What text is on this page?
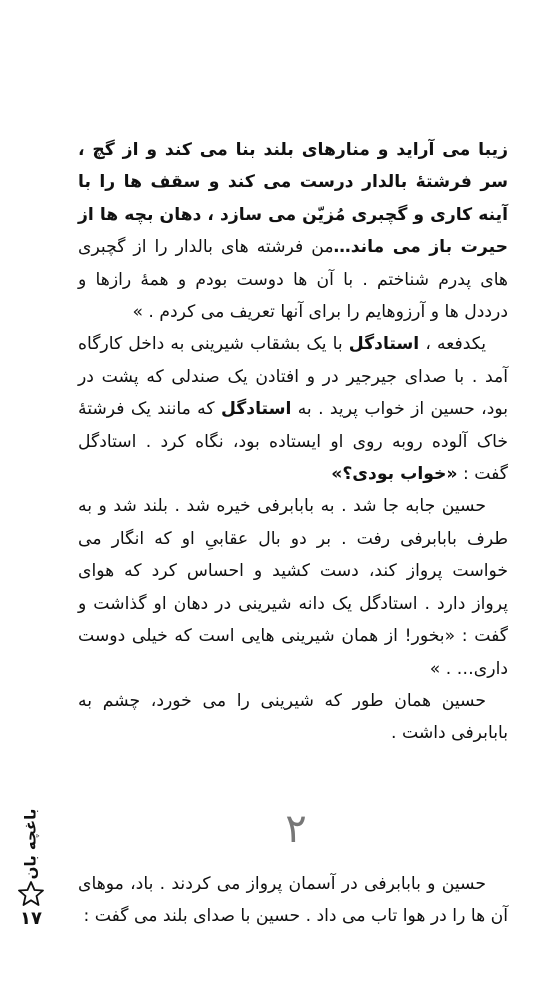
زیبا می آراید و منارهای بلند بنا می کند و از گچ ، سر فرشتهٔ بالدار درست می کند و سقف ها را با آینه کاری و گچبری مُزیّن می سازد ، دهان بچه ها از حیرت باز می ماند…من فرشته های بالدار را از گچبری های پدرم شناختم . با آن ها دوست بودم و همهٔ رازها و درددل ها و آرزوهایم را برای آنها تعریف می کردم . »

یکدفعه ، استادگل با یک بشقاب شیرینی به داخل کارگاه آمد . با صدای جیرجیر در و افتادن یک صندلی که پشت در بود، حسین از خواب پرید . به استادگل که مانند یک فرشتهٔ خاک آلوده روبه روی او ایستاده بود، نگاه کرد . استادگل گفت : «خواب بودی؟»

حسین جابه جا شد . به بابابرفی خیره شد . بلند شد و به طرف بابابرفی رفت . بر دو بال عقابیِ او که انگار می خواست پرواز کند، دست کشید و احساس کرد که هوای پرواز دارد . استادگل یک دانه شیرینی در دهان او گذاشت و گفت : «بخور! از همان شیرینی هایی است که خیلی دوست داری… . »

حسین همان طور که شیرینی را می خورد، چشم به بابابرفی داشت .

۲

حسین و بابابرفی در آسمان پرواز می کردند . باد، موهای آن ها را در هوا تاب می داد . حسین با صدای بلند می گفت :

باغچه بان
۱۷
